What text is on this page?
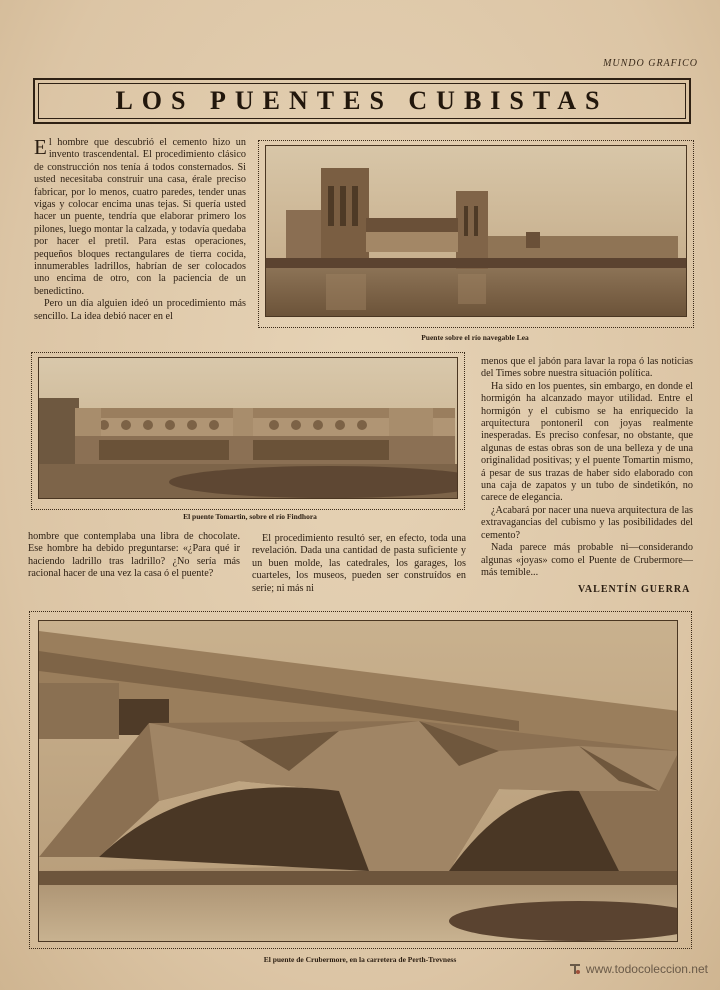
MUNDO GRAFICO
LOS PUENTES CUBISTAS

El hombre que descubrió el cemento hizo un invento trascendental. El procedimiento clásico de construcción nos tenía á todos consternados. Si usted necesitaba construir una casa, érale preciso fabricar, por lo menos, cuatro paredes, tender unas vigas y colocar encima unas tejas. Si quería usted hacer un puente, tendría que elaborar primero los pilones, luego montar la calzada, y todavía quedaba por hacer el pretil. Para estas operaciones, pequeños bloques rectangulares de tierra cocida, innumerables ladrillos, habrían de ser colocados uno encima de otro, con la paciencia de un benedictino.

Pero un día alguien ideó un procedimiento más sencillo. La idea debió nacer en el

Puente sobre el río navegable Lea
El puente Tomartin, sobre el río Findhora

menos que el jabón para lavar la ropa ó las noticias del Times sobre nuestra situación política.

Ha sido en los puentes, sin embargo, en donde el hormigón ha alcanzado mayor utilidad. Entre el hormigón y el cubismo se ha enriquecido la arquitectura pontoneril con joyas realmente inesperadas. Es preciso confesar, no obstante, que algunas de estas obras son de una belleza y de una originalidad positivas; y el puente Tomartin mismo, á pesar de sus trazas de haber sido elaborado con una caja de zapatos y un tubo de sindetikón, no carece de elegancia.

¿Acabará por nacer una nueva arquitectura de las extravagancias del cubismo y las posibilidades del cemento?

Nada parece más probable ni—considerando algunas «joyas» como el Puente de Crubermore—más temible...

VALENTÍN GUERRA

hombre que contemplaba una libra de chocolate. Ese hombre ha debido preguntarse: «¿Para qué ir haciendo ladrillo tras ladrillo? ¿No sería más racional hacer de una vez la casa ó el puente?

El procedimiento resultó ser, en efecto, toda una revelación. Dada una cantidad de pasta suficiente y un buen molde, las catedrales, los garages, los cuarteles, los museos, pueden ser construídos en serie; ni más ni

El puente de Crubermore, en la carretera de Perth-Trevness
www.todocoleccion.net
